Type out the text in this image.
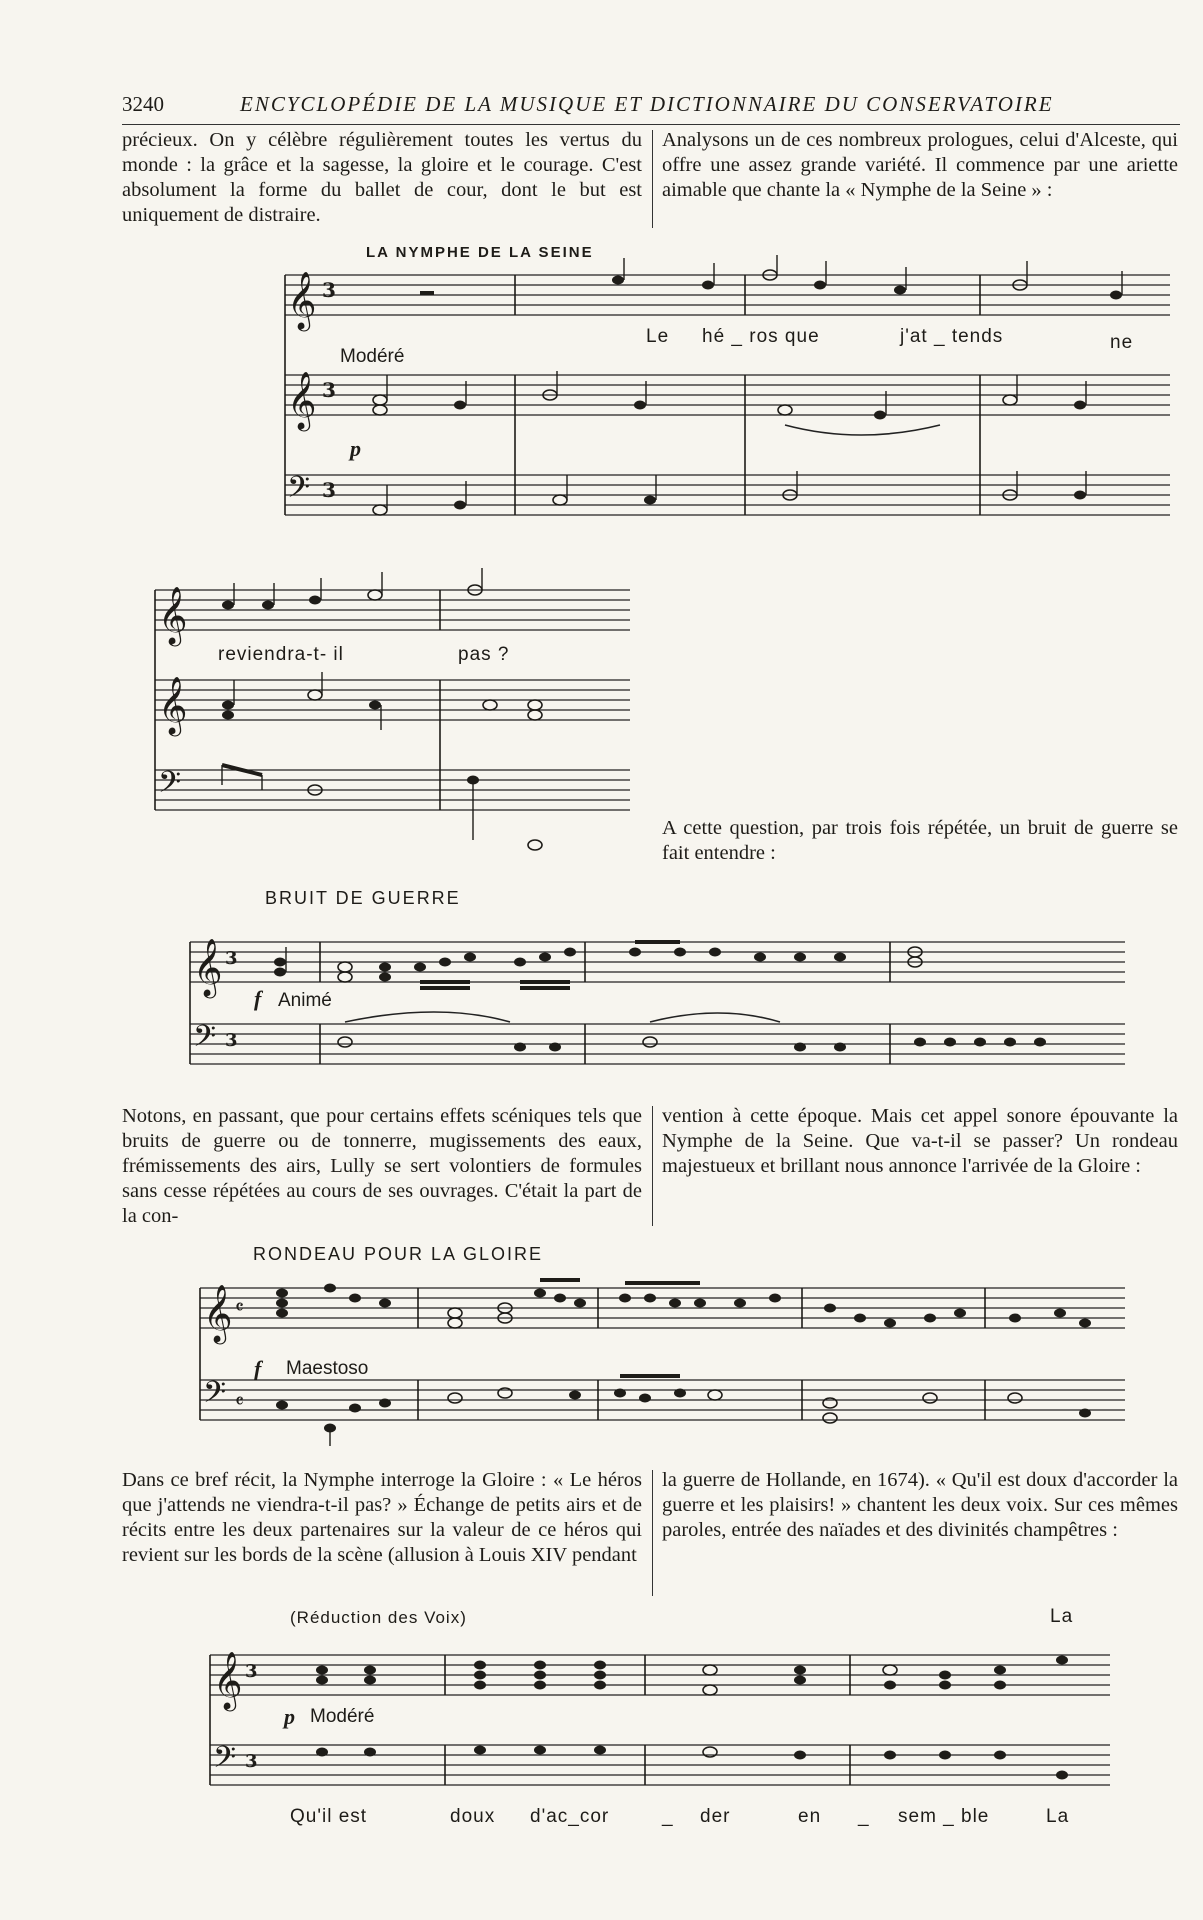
3240	ENCYCLOPÉDIE DE LA MUSIQUE ET DICTIONNAIRE DU CONSERVATOIRE

précieux. On y célèbre régulièrement toutes les vertus du monde : la grâce et la sagesse, la gloire et le courage. C'est absolument la forme du ballet de cour, dont le but est uniquement de distraire.

Analysons un de ces nombreux prologues, celui d'Alceste, qui offre une assez grande variété. Il commence par une ariette aimable que chante la « Nymphe de la Seine » :

LA NYMPHE DE LA SEINE
𝄞
𝄞
𝄢
3
3
3
Le hé _ ros que	j'at _ tends	ne
Modéré
p
𝄞
𝄞
𝄢
reviendra-t- il	pas ?

A cette question, par trois fois répétée, un bruit de guerre se fait entendre :

BRUIT DE GUERRE
𝄞
𝄢
3
3
f Animé

Notons, en passant, que pour certains effets scéniques tels que bruits de guerre ou de tonnerre, mugissements des eaux, frémissements des airs, Lully se sert volontiers de formules sans cesse répétées au cours de ses ouvrages. C'était la part de la con-

vention à cette époque. Mais cet appel sonore épouvante la Nymphe de la Seine. Que va-t-il se passer? Un rondeau majestueux et brillant nous annonce l'arrivée de la Gloire :

RONDEAU POUR LA GLOIRE
𝄞
𝄢
𝄴
𝄴
f Maestoso

Dans ce bref récit, la Nymphe interroge la Gloire : « Le héros que j'attends ne viendra-t-il pas? » Échange de petits airs et de récits entre les deux partenaires sur la valeur de ce héros qui revient sur les bords de la scène (allusion à Louis XIV pendant

la guerre de Hollande, en 1674). « Qu'il est doux d'accorder la guerre et les plaisirs! » chantent les deux voix. Sur ces mêmes paroles, entrée des naïades et des divinités champêtres :

(Réduction des Voix)	La
𝄞
𝄢
3
3
p Modéré
Qu'il est	doux d'ac_cor	_ der	en _ sem _ ble	La
